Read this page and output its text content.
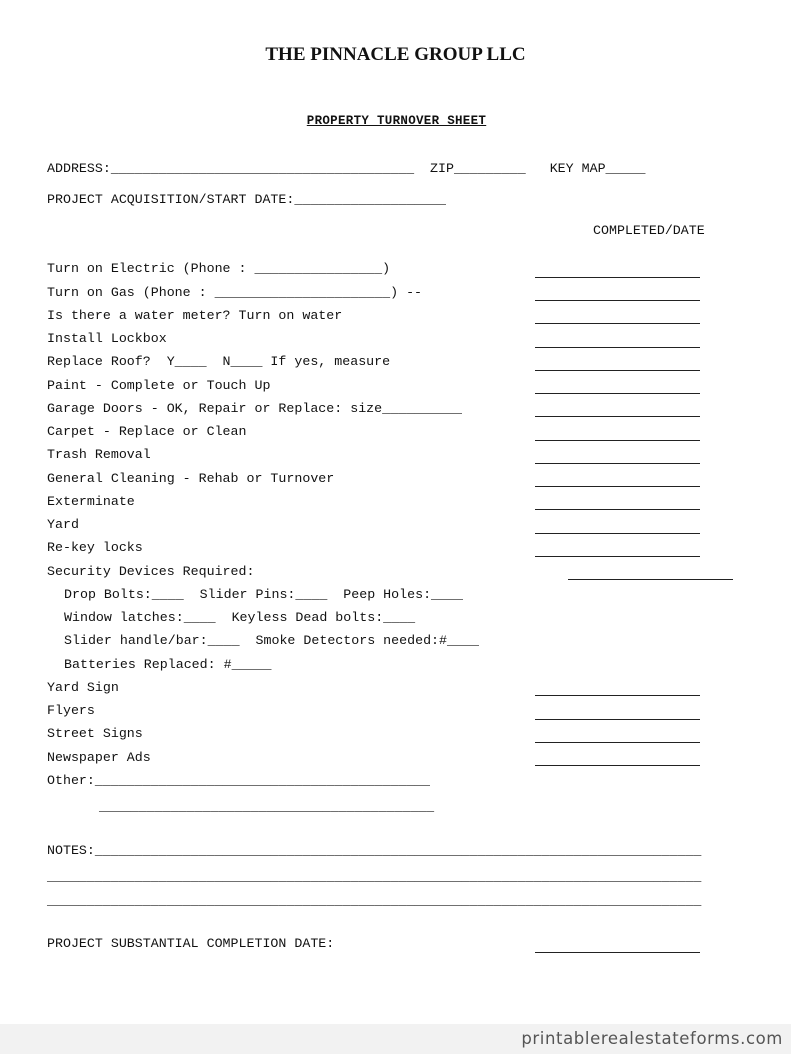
THE PINNACLE GROUP LLC
PROPERTY TURNOVER SHEET
ADDRESS:______________________________________  ZIP_________   KEY MAP_____
PROJECT ACQUISITION/START DATE:___________________
COMPLETED/DATE
Turn on Electric (Phone : ________________)
Turn on Gas (Phone : ______________________) --
Is there a water meter? Turn on water
Install Lockbox
Replace Roof?  Y____  N____ If yes, measure
Paint - Complete or Touch Up
Garage Doors - OK, Repair or Replace: size__________
Carpet - Replace or Clean
Trash Removal
General Cleaning - Rehab or Turnover
Exterminate
Yard
Re-key locks
Security Devices Required:
Drop Bolts:____  Slider Pins:____  Peep Holes:____
Window latches:____  Keyless Dead bolts:____
Slider handle/bar:____  Smoke Detectors needed:#____
Batteries Replaced: #_____
Yard Sign
Flyers
Street Signs
Newspaper Ads
Other:__________________________________________
__________________________________________
NOTES:____________________________________________________________________________
__________________________________________________________________________________
__________________________________________________________________________________
PROJECT SUBSTANTIAL COMPLETION DATE:
printablerealestateforms.com
